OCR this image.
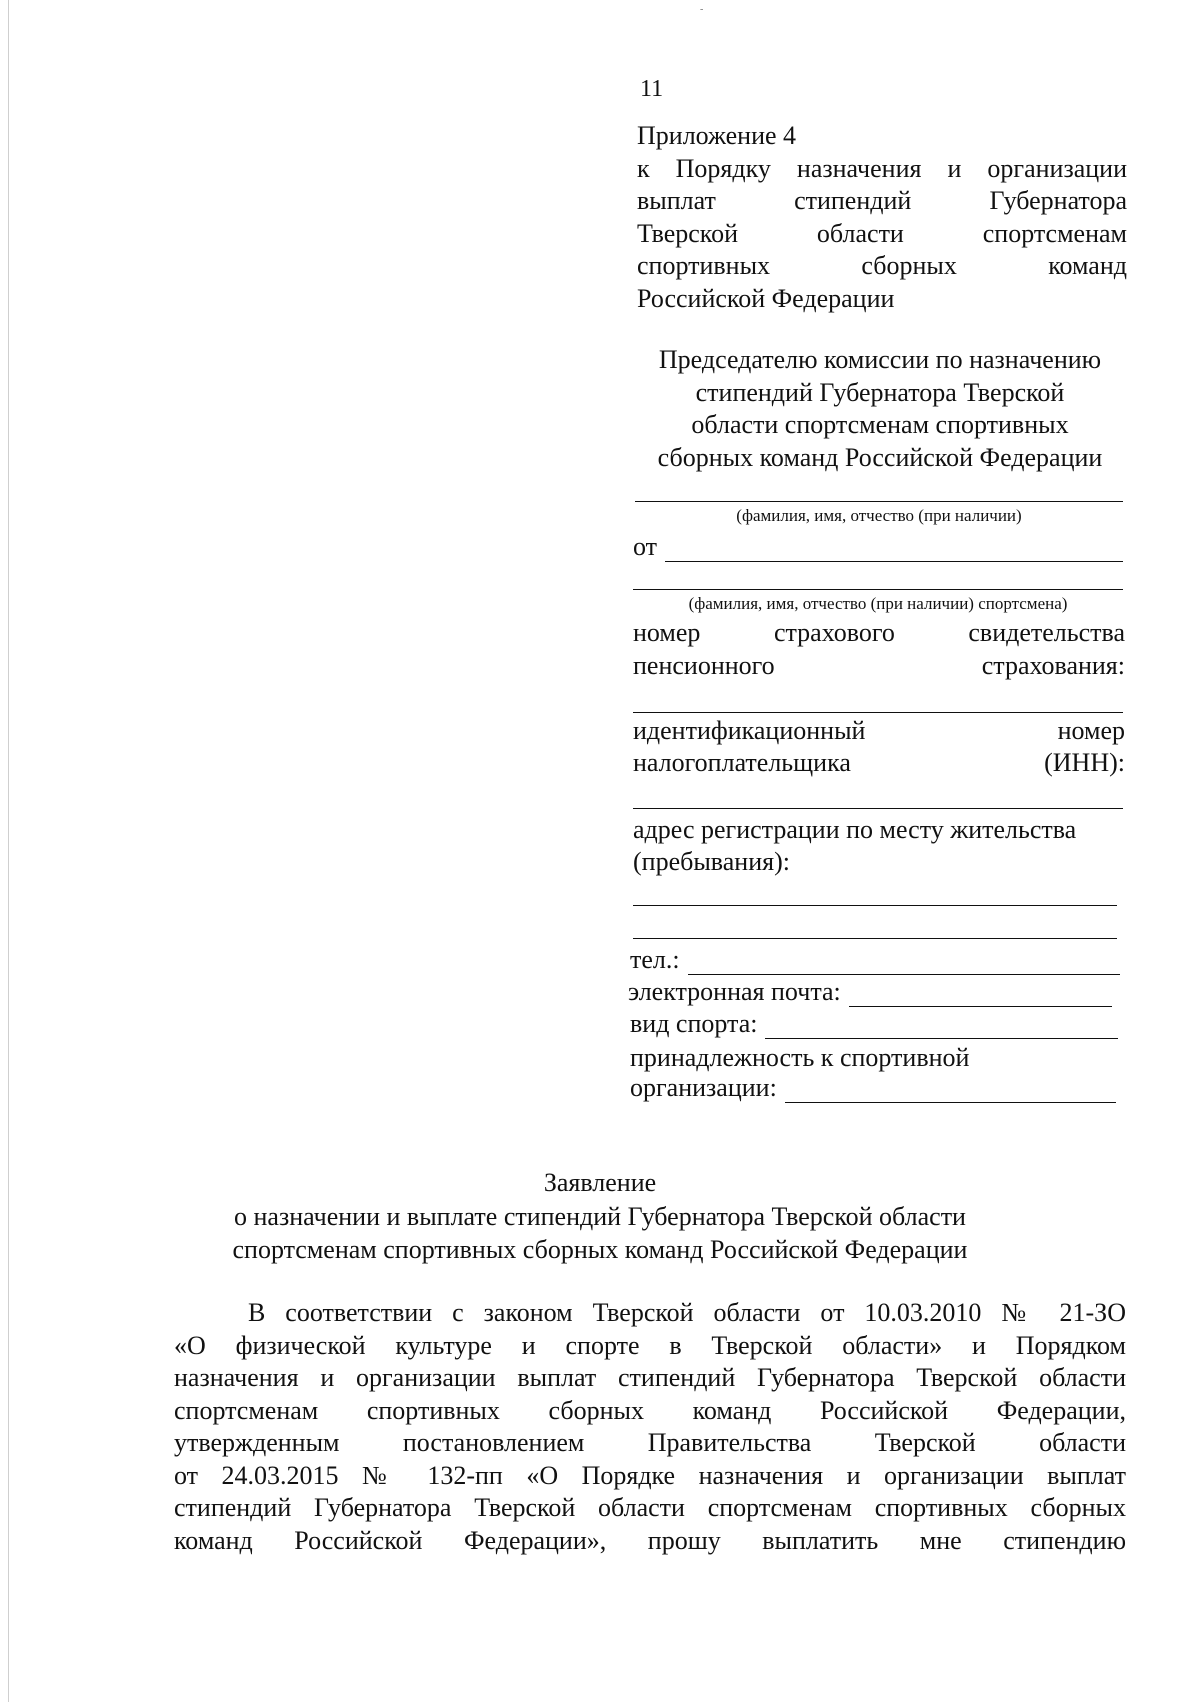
-
11
Приложение 4
к Порядку назначения и организации
выплат стипендий Губернатора
Тверской области спортсменам
спортивных сборных команд
Российской Федерации
Председателю комиссии по назначению
стипендий Губернатора Тверской
области спортсменам спортивных
сборных команд Российской Федерации
(фамилия, имя, отчество (при наличии)
от
(фамилия, имя, отчество (при наличии) спортсмена)
номер	страхового	свидетельства
пенсионного	страхования:
идентификационный	номер
налогоплательщика	(ИНН):
адрес регистрации по месту жительства
(пребывания):
тел.:
электронная почта:
вид спорта:
принадлежность к спортивной
организации:
Заявление
о назначении и выплате стипендий Губернатора Тверской области
спортсменам спортивных сборных команд Российской Федерации
В соответствии с законом Тверской области от 10.03.2010 № 21-ЗО
«О физической культуре и спорте в Тверской области» и Порядком
назначения и организации выплат стипендий Губернатора Тверской области
спортсменам спортивных сборных команд Российской Федерации,
утвержденным постановлением Правительства Тверской области
от 24.03.2015 № 132-пп «О Порядке назначения и организации выплат
стипендий Губернатора Тверской области спортсменам спортивных сборных
команд Российской Федерации», прошу выплатить мне стипендию
